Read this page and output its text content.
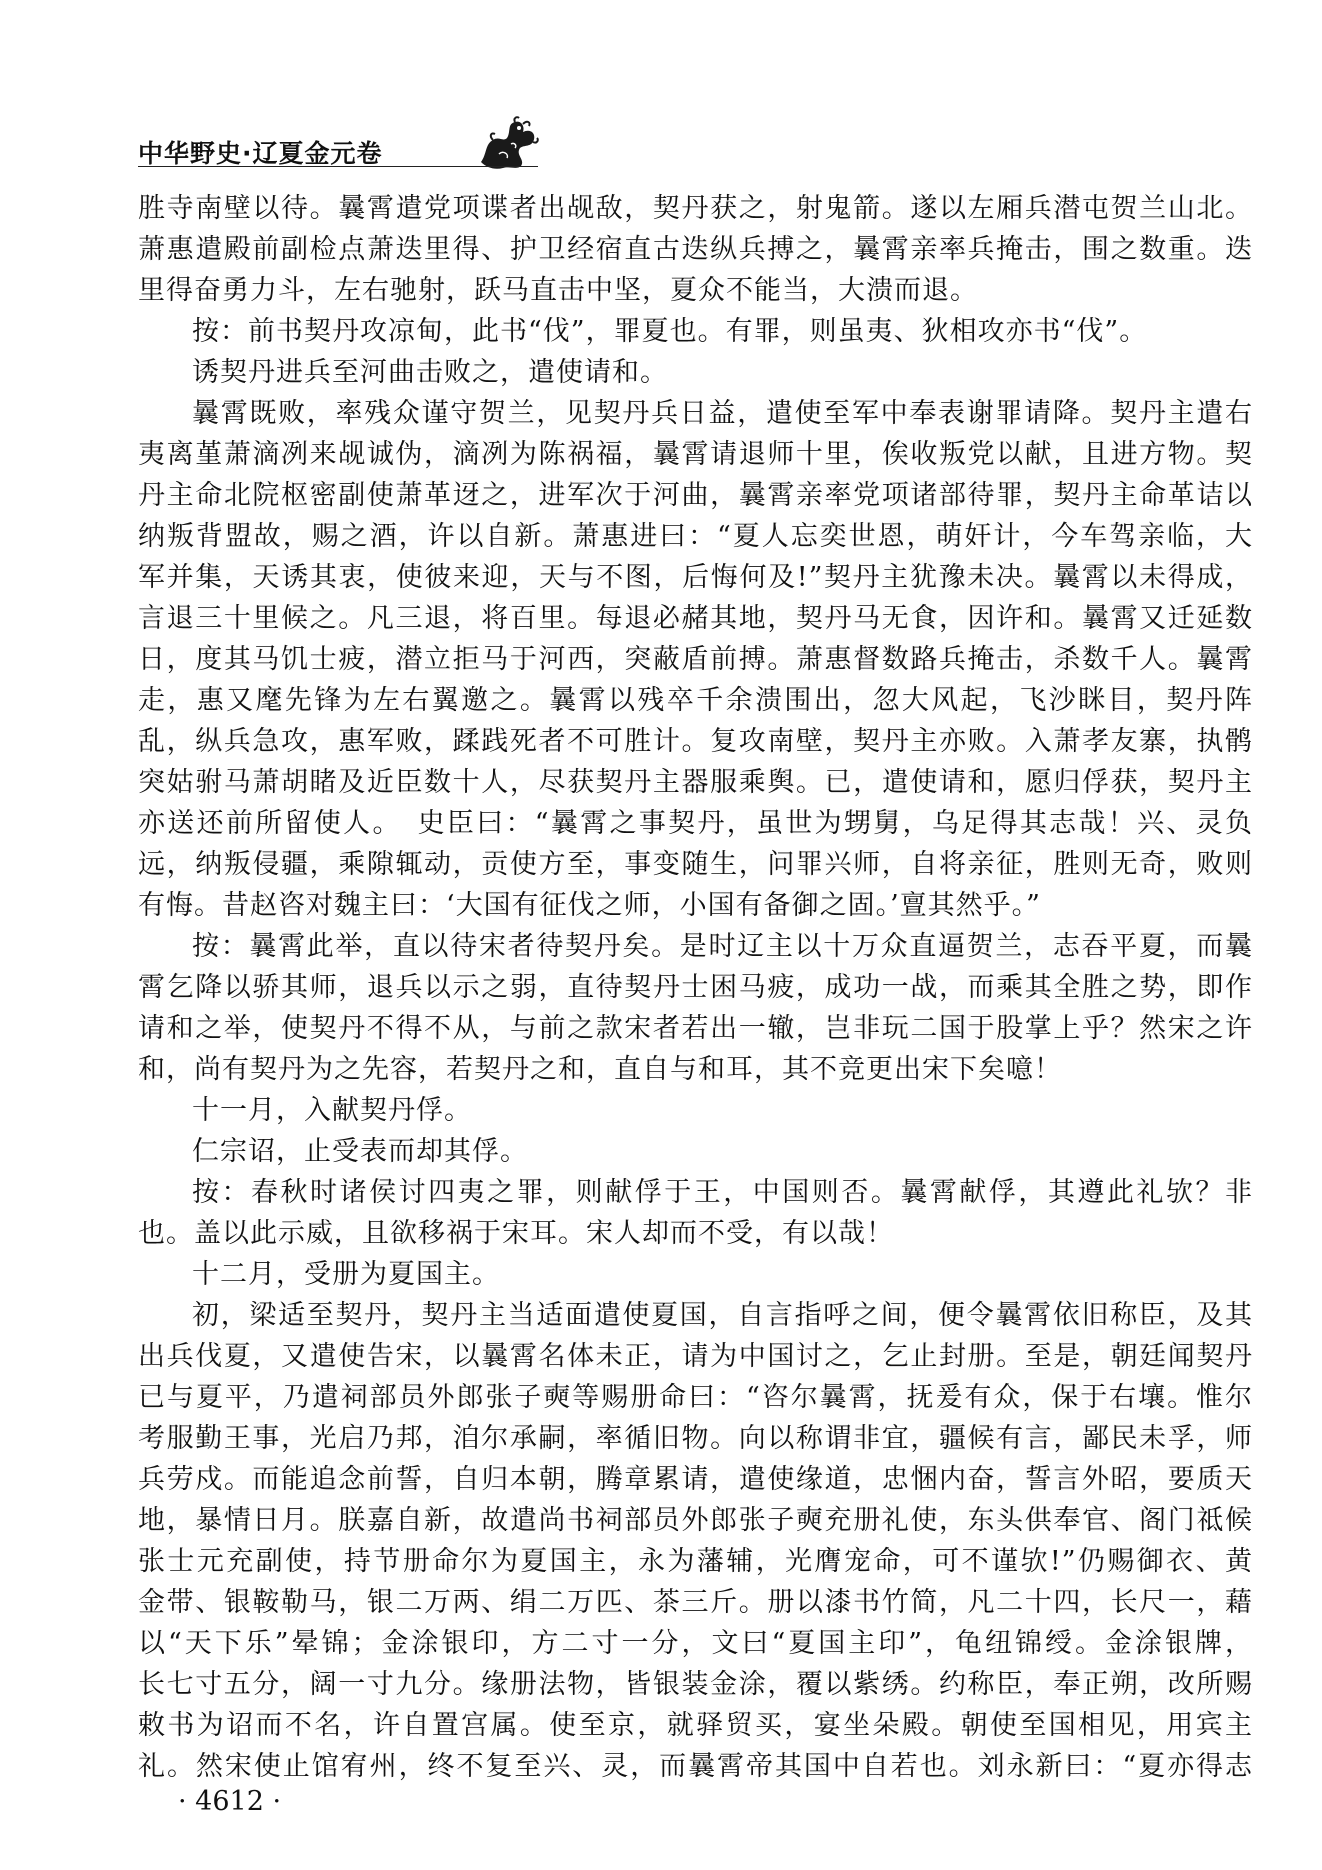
中华野史·辽夏金元卷
胜寺南壁以待。曩霄遣党项谍者出觇敌，契丹获之，射鬼箭。遂以左厢兵潜屯贺兰山北。
萧惠遣殿前副检点萧迭里得、护卫经宿直古迭纵兵搏之，曩霄亲率兵掩击，围之数重。迭
里得奋勇力斗，左右驰射，跃马直击中坚，夏众不能当，大溃而退。
按：前书契丹攻凉甸，此书“伐”，罪夏也。有罪，则虽夷、狄相攻亦书“伐”。
诱契丹进兵至河曲击败之，遣使请和。
曩霄既败，率残众谨守贺兰，见契丹兵日益，遣使至军中奉表谢罪请降。契丹主遣右
夷离堇萧滴冽来觇诚伪，滴冽为陈祸福，曩霄请退师十里，俟收叛党以献，且进方物。契
丹主命北院枢密副使萧革迓之，进军次于河曲，曩霄亲率党项诸部待罪，契丹主命革诘以
纳叛背盟故，赐之酒，许以自新。萧惠进曰：“夏人忘奕世恩，萌奸计，今车驾亲临，大
军并集，天诱其衷，使彼来迎，天与不图，后悔何及!”契丹主犹豫未决。曩霄以未得成，
言退三十里候之。凡三退，将百里。每退必赭其地，契丹马无食，因许和。曩霄又迁延数
日，度其马饥士疲，潜立拒马于河西，突蔽盾前搏。萧惠督数路兵掩击，杀数千人。曩霄
走，惠又麾先锋为左右翼邀之。曩霄以残卒千余溃围出，忽大风起，飞沙眯目，契丹阵
乱，纵兵急攻，惠军败，蹂践死者不可胜计。复攻南壁，契丹主亦败。入萧孝友寨，执鹘
突姑驸马萧胡睹及近臣数十人，尽获契丹主器服乘舆。已，遣使请和，愿归俘获，契丹主
亦送还前所留使人。　史臣曰：“曩霄之事契丹，虽世为甥舅，乌足得其志哉！兴、灵负
远，纳叛侵疆，乘隙辄动，贡使方至，事变随生，问罪兴师，自将亲征，胜则无奇，败则
有悔。昔赵咨对魏主曰：‘大国有征伐之师，小国有备御之固。’亶其然乎。”
按：曩霄此举，直以待宋者待契丹矣。是时辽主以十万众直逼贺兰，志吞平夏，而曩
霄乞降以骄其师，退兵以示之弱，直待契丹士困马疲，成功一战，而乘其全胜之势，即作
请和之举，使契丹不得不从，与前之款宋者若出一辙，岂非玩二国于股掌上乎？然宋之许
和，尚有契丹为之先容，若契丹之和，直自与和耳，其不竞更出宋下矣噫！
十一月，入献契丹俘。
仁宗诏，止受表而却其俘。
按：春秋时诸侯讨四夷之罪，则献俘于王，中国则否。曩霄献俘，其遵此礼欤？非
也。盖以此示威，且欲移祸于宋耳。宋人却而不受，有以哉！
十二月，受册为夏国主。
初，梁适至契丹，契丹主当适面遣使夏国，自言指呼之间，便令曩霄依旧称臣，及其
出兵伐夏，又遣使告宋，以曩霄名体未正，请为中国讨之，乞止封册。至是，朝廷闻契丹
已与夏平，乃遣祠部员外郎张子奭等赐册命曰：“咨尔曩霄，抚爰有众，保于右壤。惟尔
考服勤王事，光启乃邦，洎尔承嗣，率循旧物。向以称谓非宜，疆候有言，鄙民未孚，师
兵劳戍。而能追念前誓，自归本朝，腾章累请，遣使缘道，忠悃内奋，誓言外昭，要质天
地，暴情日月。朕嘉自新，故遣尚书祠部员外郎张子奭充册礼使，东头供奉官、阁门祗候
张士元充副使，持节册命尔为夏国主，永为藩辅，光膺宠命，可不谨欤!”仍赐御衣、黄
金带、银鞍勒马，银二万两、绢二万匹、茶三斤。册以漆书竹简，凡二十四，长尺一，藉
以“天下乐”晕锦；金涂银印，方二寸一分，文曰“夏国主印”，龟纽锦绶。金涂银牌，
长七寸五分，阔一寸九分。缘册法物，皆银装金涂，覆以紫绣。约称臣，奉正朔，改所赐
敕书为诏而不名，许自置宫属。使至京，就驿贸买，宴坐朵殿。朝使至国相见，用宾主
礼。然宋使止馆宥州，终不复至兴、灵，而曩霄帝其国中自若也。刘永新曰：“夏亦得志
· 4612 ·
